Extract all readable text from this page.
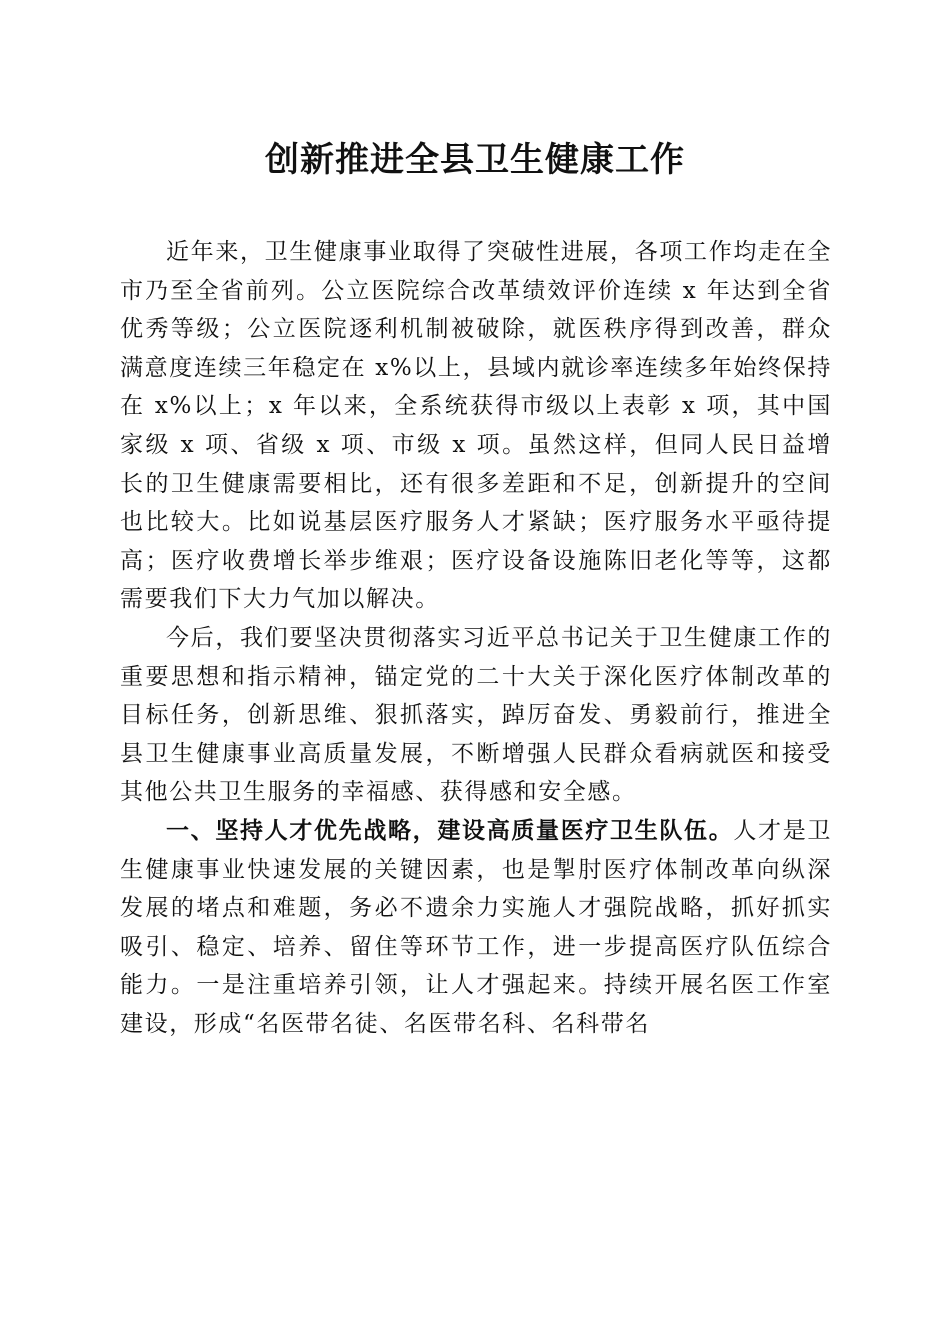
创新推进全县卫生健康工作

近年来，卫生健康事业取得了突破性进展，各项工作均走在全市乃至全省前列。公立医院综合改革绩效评价连续 x 年达到全省优秀等级；公立医院逐利机制被破除，就医秩序得到改善，群众满意度连续三年稳定在 x%以上，县域内就诊率连续多年始终保持在 x%以上；x 年以来，全系统获得市级以上表彰 x 项，其中国家级 x 项、省级 x 项、市级 x 项。虽然这样，但同人民日益增长的卫生健康需要相比，还有很多差距和不足，创新提升的空间也比较大。比如说基层医疗服务人才紧缺；医疗服务水平亟待提高；医疗收费增长举步维艰；医疗设备设施陈旧老化等等，这都需要我们下大力气加以解决。

今后，我们要坚决贯彻落实习近平总书记关于卫生健康工作的重要思想和指示精神，锚定党的二十大关于深化医疗体制改革的目标任务，创新思维、狠抓落实，踔厉奋发、勇毅前行，推进全县卫生健康事业高质量发展，不断增强人民群众看病就医和接受其他公共卫生服务的幸福感、获得感和安全感。

一、坚持人才优先战略，建设高质量医疗卫生队伍。人才是卫生健康事业快速发展的关键因素，也是掣肘医疗体制改革向纵深发展的堵点和难题，务必不遗余力实施人才强院战略，抓好抓实吸引、稳定、培养、留住等环节工作，进一步提高医疗队伍综合能力。一是注重培养引领，让人才强起来。持续开展名医工作室建设，形成“名医带名徒、名医带名科、名科带名
